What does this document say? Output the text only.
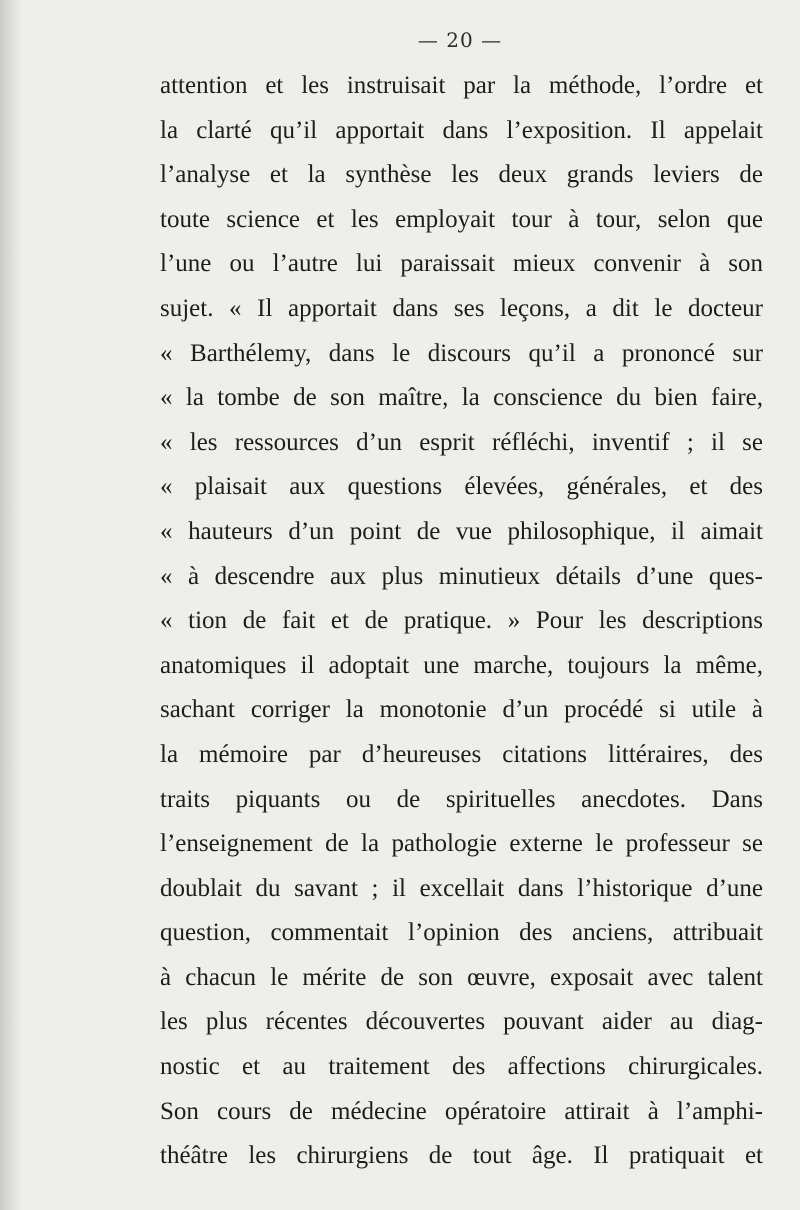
— 20 —
attention et les instruisait par la méthode, l’ordre et
la clarté qu’il apportait dans l’exposition. Il appelait
l’analyse et la synthèse les deux grands leviers de
toute science et les employait tour à tour, selon que
l’une ou l’autre lui paraissait mieux convenir à son
sujet. « Il apportait dans ses leçons, a dit le docteur
« Barthélemy, dans le discours qu’il a prononcé sur
« la tombe de son maître, la conscience du bien faire,
« les ressources d’un esprit réfléchi, inventif ; il se
« plaisait aux questions élevées, générales, et des
« hauteurs d’un point de vue philosophique, il aimait
« à descendre aux plus minutieux détails d’une ques-
« tion de fait et de pratique. » Pour les descriptions
anatomiques il adoptait une marche, toujours la même,
sachant corriger la monotonie d’un procédé si utile à
la mémoire par d’heureuses citations littéraires, des
traits piquants ou de spirituelles anecdotes. Dans
l’enseignement de la pathologie externe le professeur se
doublait du savant ; il excellait dans l’historique d’une
question, commentait l’opinion des anciens, attribuait
à chacun le mérite de son œuvre, exposait avec talent
les plus récentes découvertes pouvant aider au diag-
nostic et au traitement des affections chirurgicales.
Son cours de médecine opératoire attirait à l’amphi-
théâtre les chirurgiens de tout âge. Il pratiquait et
